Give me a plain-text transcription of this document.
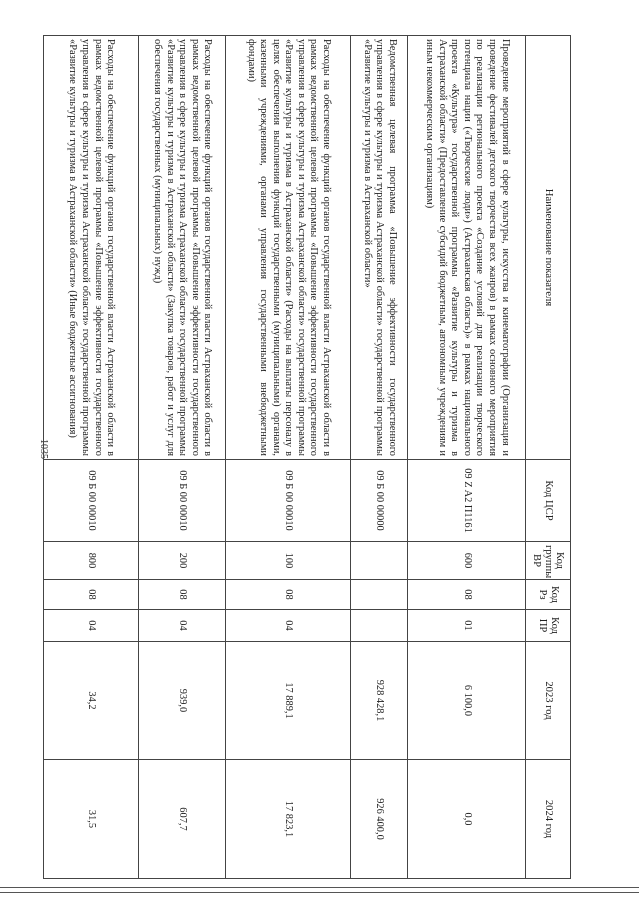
1035
Наименование показателя	Код ЦСР	Код группы ВР	Код Рз	Код ПР	2023 год	2024 год
Проведение мероприятий в сфере культуры, искусства и кинематографии (Организация и проведение фестивалей детского творчества всех жанров) в рамках основного мероприятия по реализации регионального проекта «Создание условий для реализации творческого потенциала нации («Творческие люди») (Астраханская область)» в рамках национального проекта «Культура» государственной программы «Развитие культуры и туризма в Астраханской области» (Предоставление субсидий бюджетным, автономным учреждениям и иным некоммерческим организациям)	09 Z A2 П1161	600	08	01	6 100,0	0,0
Ведомственная целевая программа «Повышение эффективности государственного управления в сфере культуры и туризма Астраханской области» государственной программы «Развитие культуры и туризма в Астраханской области»	09 Б 00 00000				928 428,1	926 400,0
Расходы на обеспечение функций органов государственной власти Астраханской области в рамках ведомственной целевой программы «Повышение эффективности государственного управления в сфере культуры и туризма Астраханской области» государственной программы «Развитие культуры и туризма в Астраханской области» (Расходы на выплаты персоналу в целях обеспечения выполнения функций государственными (муниципальными) органами, казенными учреждениями, органами управления государственными внебюджетными фондами)	09 Б 00 00010	100	08	04	17 889,1	17 823,1
Расходы на обеспечение функций органов государственной власти Астраханской области в рамках ведомственной целевой программы «Повышение эффективности государственного управления в сфере культуры и туризма Астраханской области» государственной программы «Развитие культуры и туризма в Астраханской области» (Закупка товаров, работ и услуг для обеспечения государственных (муниципальных) нужд)	09 Б 00 00010	200	08	04	939,0	607,7
Расходы на обеспечение функций органов государственной власти Астраханской области в рамках ведомственной целевой программы «Повышение эффективности государственного управления в сфере культуры и туризма Астраханской области» государственной программы «Развитие культуры и туризма в Астраханской области» (Иные бюджетные ассигнования)	09 Б 00 00010	800	08	04	34,2	31,5
